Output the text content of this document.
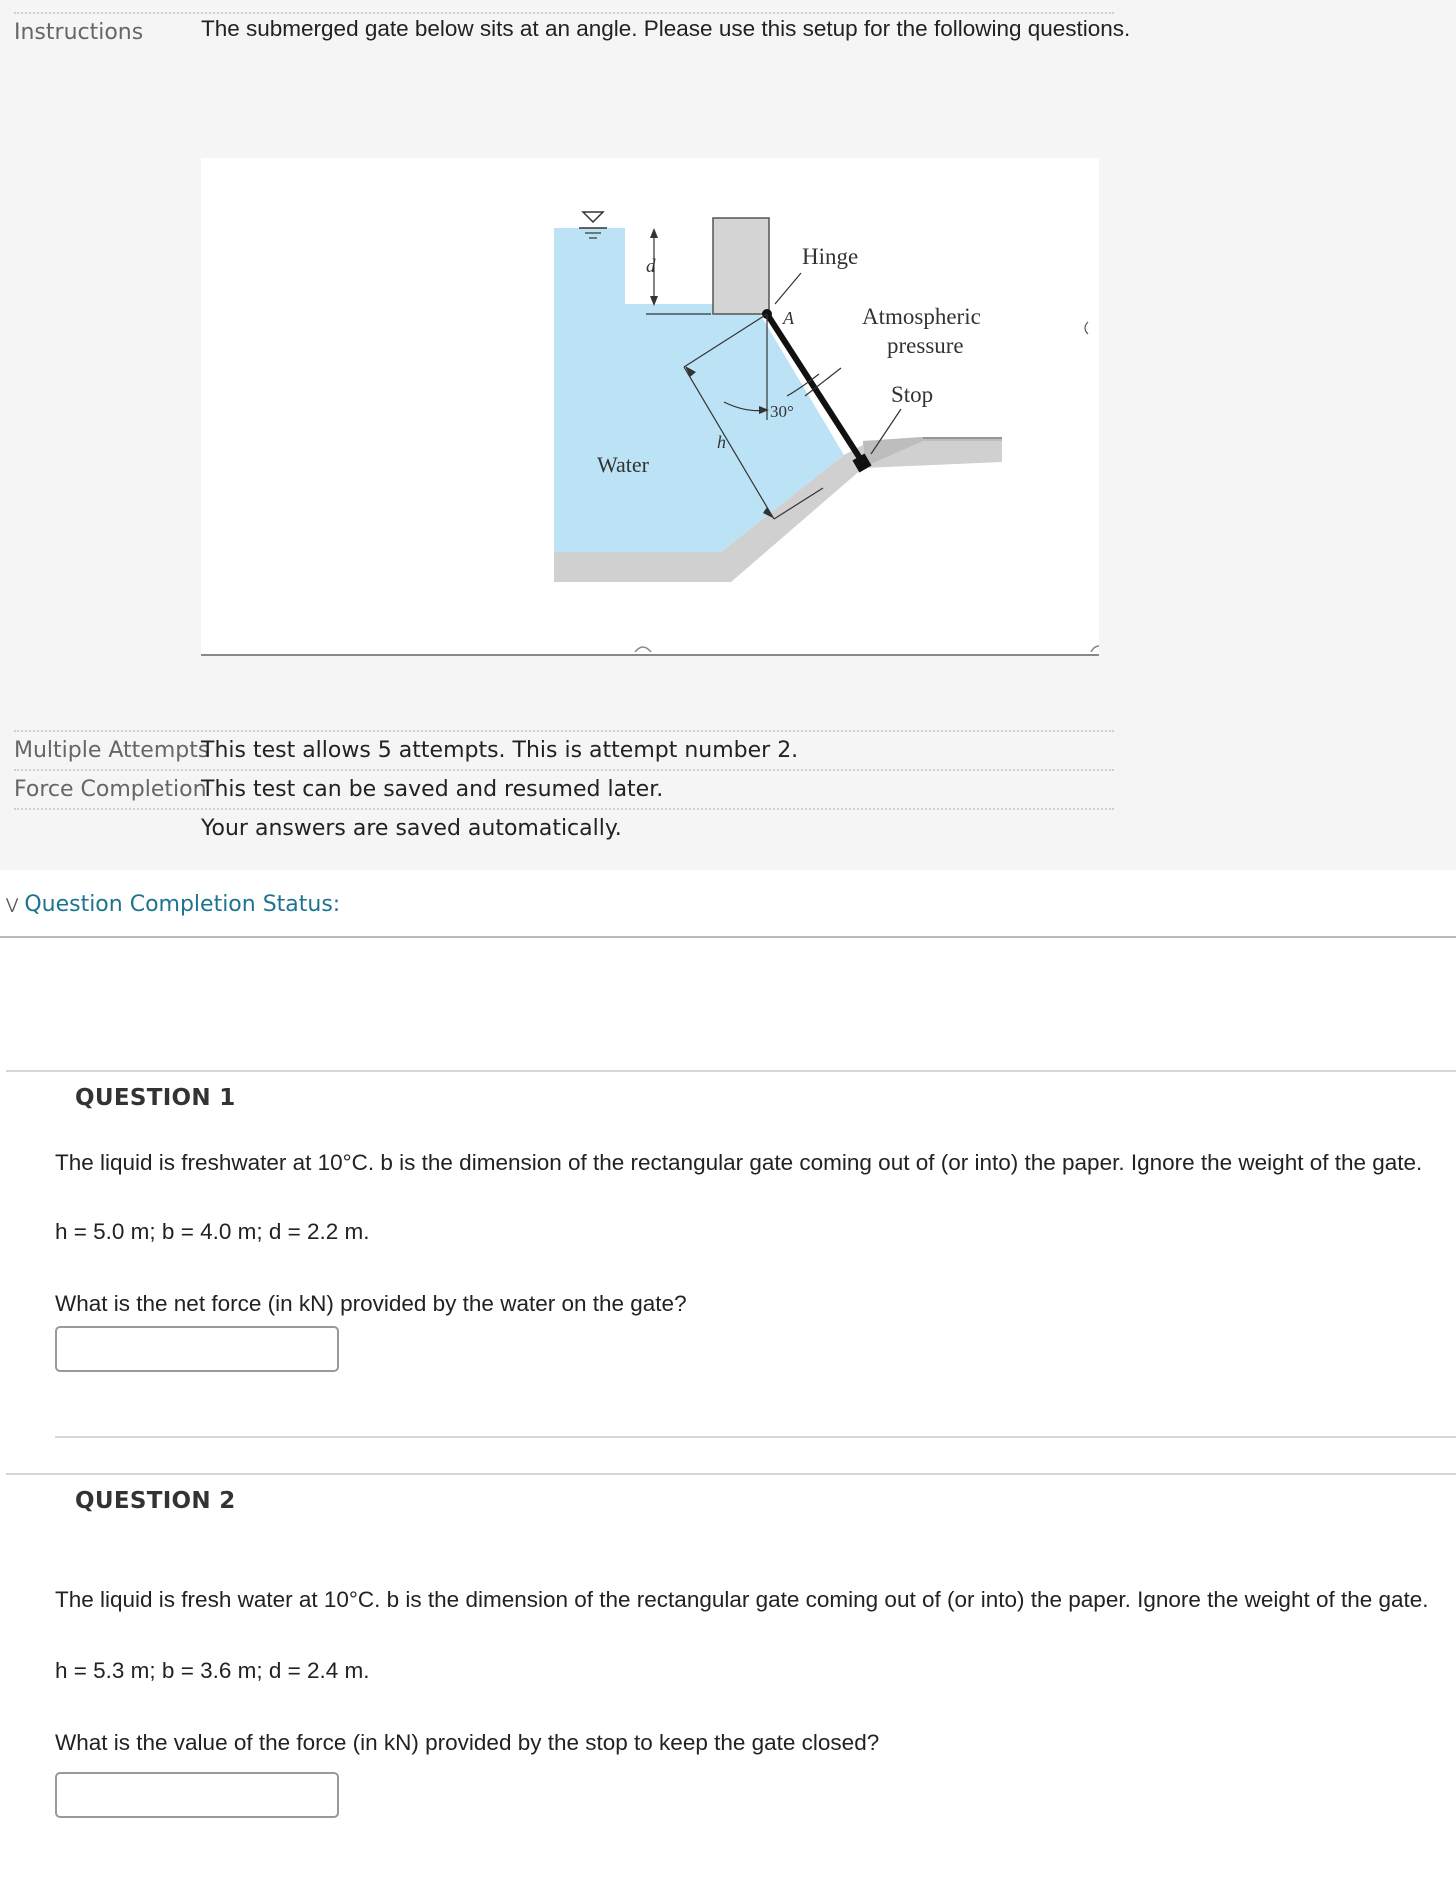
Instructions	The submerged gate below sits at an angle. Please use this setup for the following questions.
d
30°
h
A
Hinge
Atmospheric
pressure
Stop
Water
Multiple Attempts
This test allows 5 attempts. This is attempt number 2.
Force Completion
This test can be saved and resumed later.
Your answers are saved automatically.
⋁ Question Completion Status:
QUESTION 1
The liquid is freshwater at 10°C. b is the dimension of the rectangular gate coming out of (or into) the paper. Ignore the weight of the gate.
h = 5.0 m; b = 4.0 m; d = 2.2 m.
What is the net force (in kN) provided by the water on the gate?
QUESTION 2
The liquid is fresh water at 10°C. b is the dimension of the rectangular gate coming out of (or into) the paper. Ignore the weight of the gate.
h = 5.3 m; b = 3.6 m; d = 2.4 m.
What is the value of the force (in kN) provided by the stop to keep the gate closed?
